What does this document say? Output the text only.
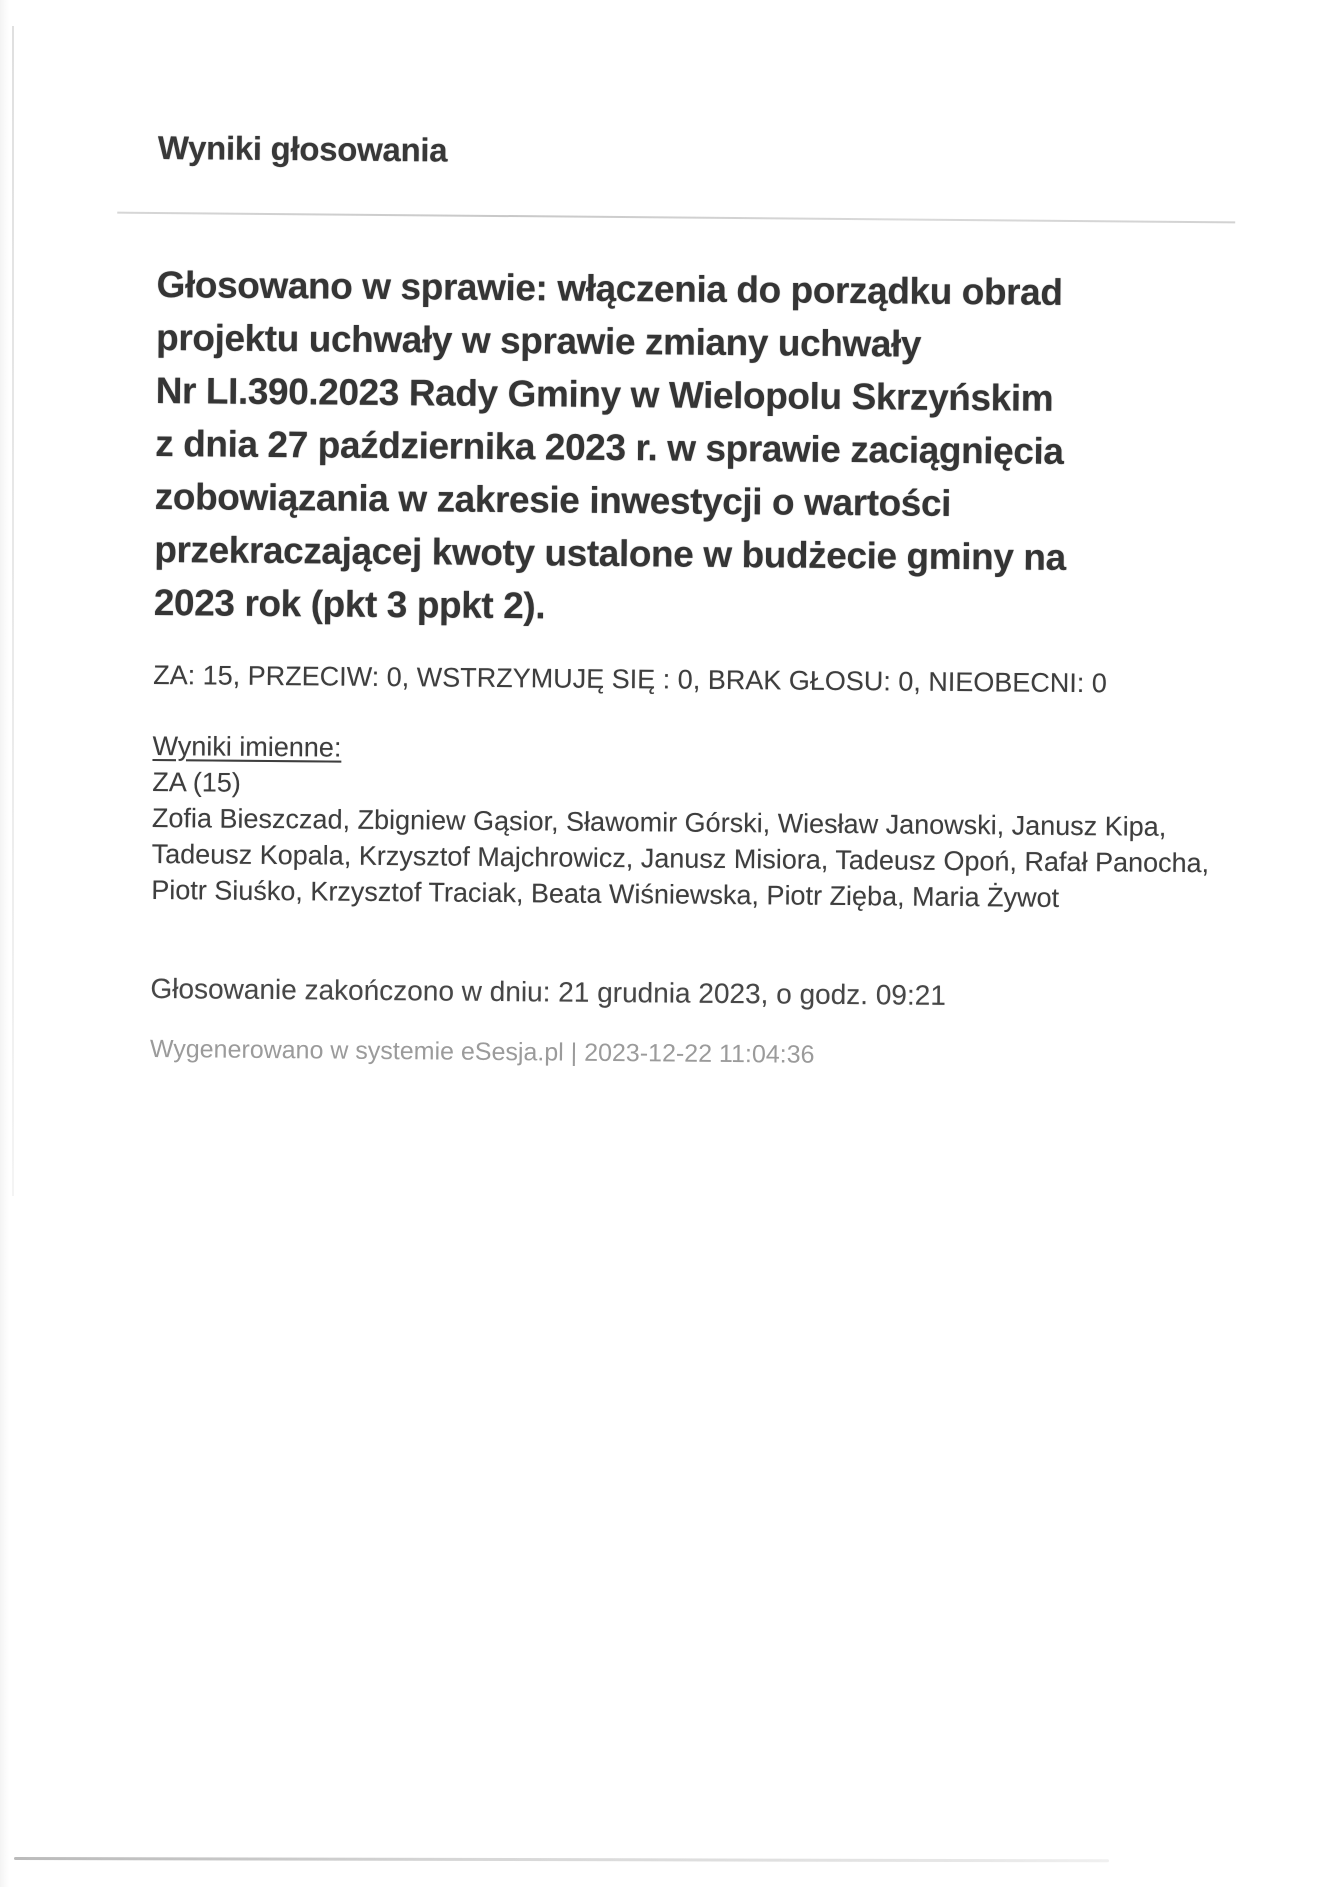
Wyniki głosowania
Głosowano w sprawie: włączenia do porządku obrad
projektu uchwały w sprawie zmiany uchwały
Nr LI.390.2023 Rady Gminy w Wielopolu Skrzyńskim
z dnia 27 października 2023 r. w sprawie zaciągnięcia
zobowiązania w zakresie inwestycji o wartości
przekraczającej kwoty ustalone w budżecie gminy na
2023 rok (pkt 3 ppkt 2).
ZA: 15, PRZECIW: 0, WSTRZYMUJĘ SIĘ : 0, BRAK GŁOSU: 0, NIEOBECNI: 0
Wyniki imienne:
ZA (15)
Zofia Bieszczad, Zbigniew Gąsior, Sławomir Górski, Wiesław Janowski, Janusz Kipa,
Tadeusz Kopala, Krzysztof Majchrowicz, Janusz Misiora, Tadeusz Opoń, Rafał Panocha,
Piotr Siuśko, Krzysztof Traciak, Beata Wiśniewska, Piotr Zięba, Maria Żywot
Głosowanie zakończono w dniu: 21 grudnia 2023, o godz. 09:21
Wygenerowano w systemie eSesja.pl | 2023-12-22 11:04:36
